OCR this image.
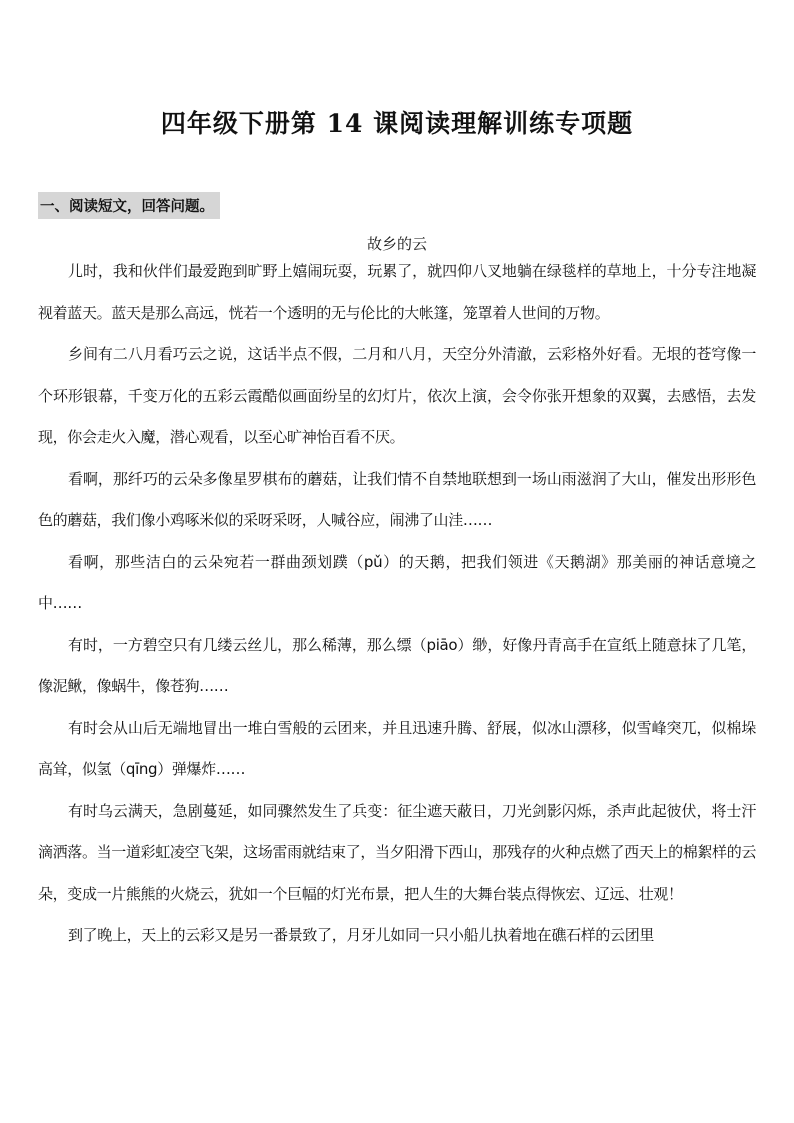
四年级下册第 14 课阅读理解训练专项题
一、阅读短文，回答问题。
故乡的云

儿时，我和伙伴们最爱跑到旷野上嬉闹玩耍，玩累了，就四仰八叉地躺在绿毯样的草地上，十分专注地凝视着蓝天。蓝天是那么高远，恍若一个透明的无与伦比的大帐篷，笼罩着人世间的万物。

乡间有二八月看巧云之说，这话半点不假，二月和八月，天空分外清澈，云彩格外好看。无垠的苍穹像一个环形银幕，千变万化的五彩云霞酷似画面纷呈的幻灯片，依次上演，会令你张开想象的双翼，去感悟，去发现，你会走火入魔，潜心观看，以至心旷神怡百看不厌。

看啊，那纤巧的云朵多像星罗棋布的蘑菇，让我们情不自禁地联想到一场山雨滋润了大山，催发出形形色色的蘑菇，我们像小鸡啄米似的采呀采呀，人喊谷应，闹沸了山洼……

看啊，那些洁白的云朵宛若一群曲颈划蹼（pǔ）的天鹅，把我们领进《天鹅湖》那美丽的神话意境之中……

有时，一方碧空只有几缕云丝儿，那么稀薄，那么缥（piāo）缈，好像丹青高手在宣纸上随意抹了几笔，像泥鳅，像蜗牛，像苍狗……

有时会从山后无端地冒出一堆白雪般的云团来，并且迅速升腾、舒展，似冰山漂移，似雪峰突兀，似棉垛高耸，似氢（qīng）弹爆炸……

有时乌云满天，急剧蔓延，如同骤然发生了兵变：征尘遮天蔽日，刀光剑影闪烁，杀声此起彼伏，将士汗滴洒落。当一道彩虹凌空飞架，这场雷雨就结束了，当夕阳滑下西山，那残存的火种点燃了西天上的棉絮样的云朵，变成一片熊熊的火烧云，犹如一个巨幅的灯光布景，把人生的大舞台装点得恢宏、辽远、壮观！

到了晚上，天上的云彩又是另一番景致了，月牙儿如同一只小船儿执着地在礁石样的云团里
